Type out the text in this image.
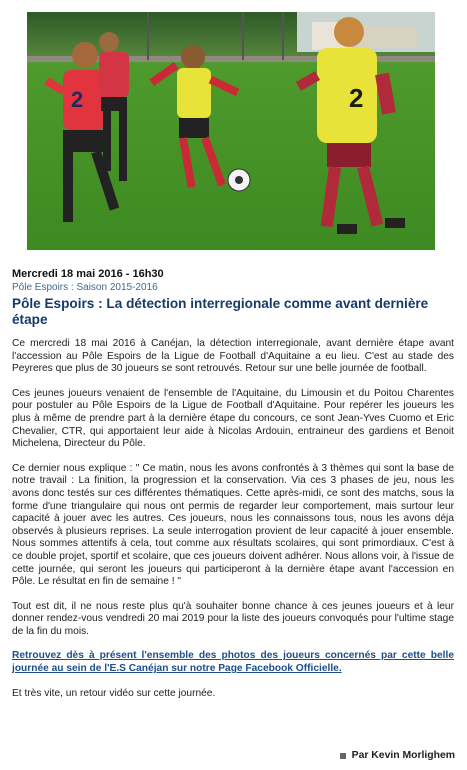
2	2
Mercredi 18 mai 2016 - 16h30
Pôle Espoirs : Saison 2015-2016
Pôle Espoirs : La détection interregionale comme avant dernière étape

Ce mercredi 18 mai 2016 à Canéjan, la détection interregionale, avant dernière étape avant l'accession au Pôle Espoirs de la Ligue de Football d'Aquitaine a eu lieu. C'est au stade des Peyreres que plus de 30 joueurs se sont retrouvés. Retour sur une belle journée de football.

Ces jeunes joueurs venaient de l'ensemble de l'Aquitaine, du Limousin et du Poitou Charentes pour postuler au Pôle Espoirs de la Ligue de Football d'Aquitaine. Pour repérer les joueurs les plus à même de prendre part à la dernière étape du concours, ce sont Jean-Yves Cuomo et Eric Chevalier, CTR, qui apportaient leur aide à Nicolas Ardouin, entraineur des gardiens et Benoit Michelena, Directeur du Pôle.

Ce dernier nous explique : " Ce matin, nous les avons confrontés à 3 thèmes qui sont la base de notre travail : La finition, la progression et la conservation. Via ces 3 phases de jeu, nous les avons donc testés sur ces différentes thématiques. Cette après-midi, ce sont des matchs, sous la forme d'une triangulaire qui nous ont permis de regarder leur comportement, mais surtour leur capacité à jouer avec les autres. Ces joueurs, nous les connaissons tous, nous les avons déja observés à plusieurs reprises. La seule interrogation provient de leur capacité à jouer ensemble. Nous sommes attentifs à cela, tout comme aux résultats scolaires, qui sont primordiaux. C'est à ce double projet, sportif et scolaire, que ces joueurs doivent adhérer. Nous allons voir, à l'issue de cette journée, qui seront les joueurs qui participeront à la dernière étape avant l'accession en Pôle. Le résultat en fin de semaine ! "

Tout est dit, il ne nous reste plus qu'à souhaiter bonne chance à ces jeunes joueurs et à leur donner rendez-vous vendredi 20 mai 2019 pour la liste des joueurs convoqués pour l'ultime stage de la fin du mois.

Retrouvez dès à présent l'ensemble des photos des joueurs concernés par cette belle journée au sein de l'E.S Canéjan sur notre Page Facebook Officielle.

Et très vite, un retour vidéo sur cette journée.

Par Kevin Morlighem
